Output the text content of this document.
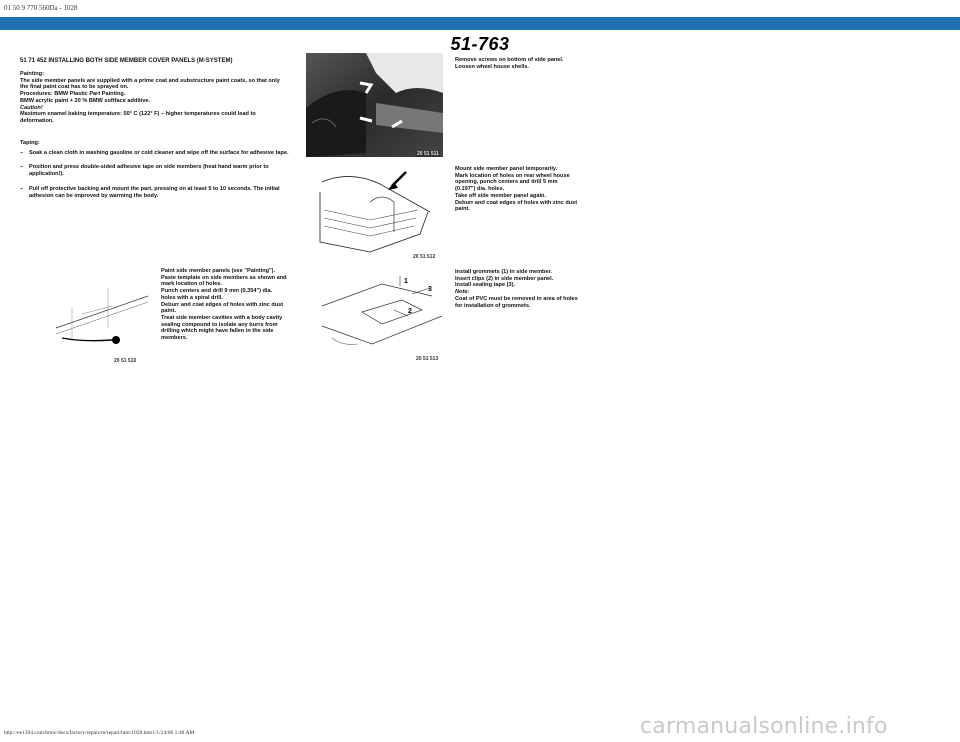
01 50 9 770 560Da - 1028
51-763
51 71 452 INSTALLING BOTH SIDE MEMBER COVER PANELS (M-SYSTEM)

Painting:

The side member panels are supplied with a prime coat and substructure paint coats, so that only

the final paint coat has to be sprayed on.

Procedures: BMW Plastic Part Painting.

BMW acrylic paint + 20 % BMW softface additive.

Caution!

Maximum enamel baking temperature: 50° C (122° F) – higher temperatures could lead to

deformation.

Taping:

–	Soak a clean cloth in washing gasoline or cold cleaner and wipe off the surface for adhesive tape.
–	Position and press double-sided adhesive tape on side members (heat hand warm prior to application!).
–	Pull off protective backing and mount the part, pressing on at least 5 to 10 seconds. The initial adhesion can be improved by warming the body.
20 51 511
20 51 512
20 51 510
1
2
3
20 51 513

Remove screws on bottom of side panel.

Loosen wheel house shells.

Mount side member panel temporarily.

Mark location of holes on rear wheel house

opening, punch centers and drill 5 mm

(0.197") dia. holes.

Take off side member panel again.

Deburr and coat edges of holes with zinc dust

paint.

Paint side member panels (see "Painting").

Paste template on side members as shown and

mark location of holes.

Punch centers and drill 9 mm (0.354") dia.

holes with a spiral drill.

Deburr and coat edges of holes with zinc dust

paint.

Treat side member cavities with a body cavity

sealing compound to isolate any burrs from

drilling which might have fallen in the side

members.

Install grommets (1) in side member.

Insert clips (2) in side member panel.

Install sealing tape (3).

Note:

Coat of PVC must be removed in area of holes

for installation of grommets.

carmanualsonline.info
http://ee1394.com/bmw/docs/factory/repair/m/repair/htm/1028.htm1/1/24/06 1:48 AM
